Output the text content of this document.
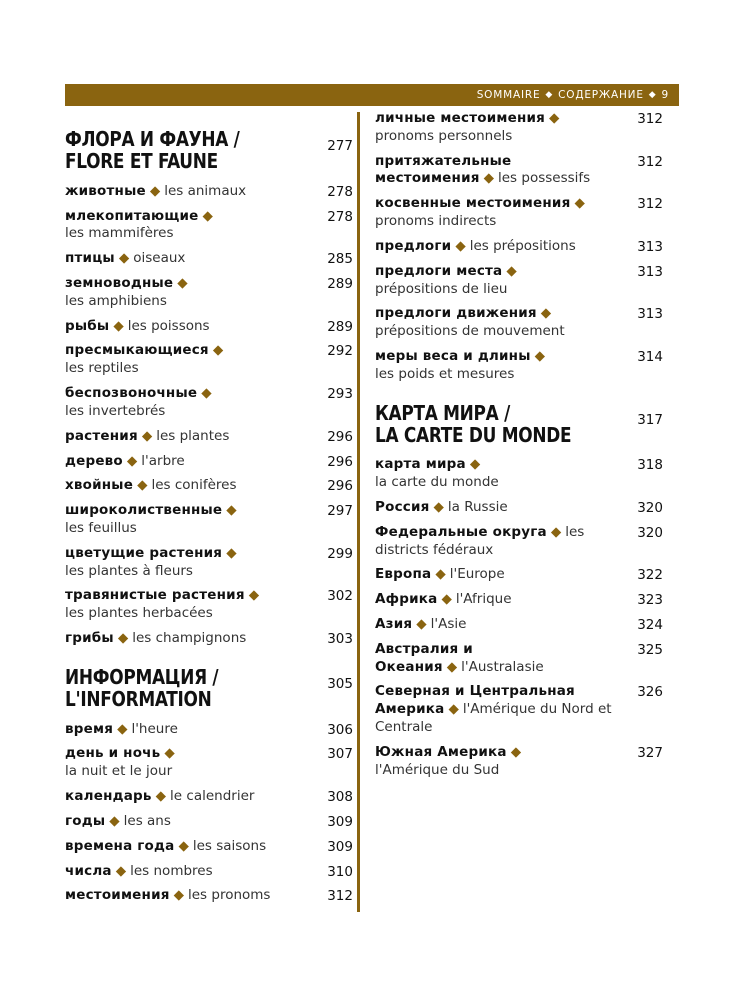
SOMMAIRE ◆ СОДЕРЖАНИЕ ◆ 9
ФЛОРА И ФАУНА /
FLORE ET FAUNE
277
животные ◆ les animaux	278
млекопитающие ◆
les mammifères
278
птицы ◆ oiseaux	285
земноводные ◆
les amphibiens
289
рыбы ◆ les poissons	289
пресмыкающиеся ◆
les reptiles
292
беспозвоночные ◆
les invertebrés
293
растения ◆ les plantes	296
дерево ◆ l'arbre	296
хвойные ◆ les conifères	296
широколиственные ◆
les feuillus
297
цветущие растения ◆
les plantes à fleurs
299
травянистые растения ◆
les plantes herbacées
302
грибы ◆ les champignons	303
ИНФОРМАЦИЯ /
L'INFORMATION
305
время ◆ l'heure	306
день и ночь ◆
la nuit et le jour
307
календарь ◆ le calendrier	308
годы ◆ les ans	309
времена года ◆ les saisons	309
числа ◆ les nombres	310
местоимения ◆ les pronoms	312
личные местоимения ◆
pronoms personnels
312
притяжательные местоимения ◆ les possessifs
312
косвенные местоимения ◆
pronoms indirects
312
предлоги ◆ les prépositions	313
предлоги места ◆
prépositions de lieu
313
предлоги движения ◆
prépositions de mouvement
313
меры веса и длины ◆
les poids et mesures
314
КАРТА МИРА /
LA CARTE DU MONDE
317
карта мира ◆
la carte du monde
318
Россия ◆ la Russie	320
Федеральные округа ◆ les districts fédéraux
320
Европа ◆ l'Europe	322
Африка ◆ l'Afrique	323
Азия ◆ l'Asie	324
Австралия и Океания ◆ l'Australasie
325
Северная и Центральная Америка ◆ l'Amérique du Nord et Centrale
326
Южная Америка ◆
l'Amérique du Sud
327
